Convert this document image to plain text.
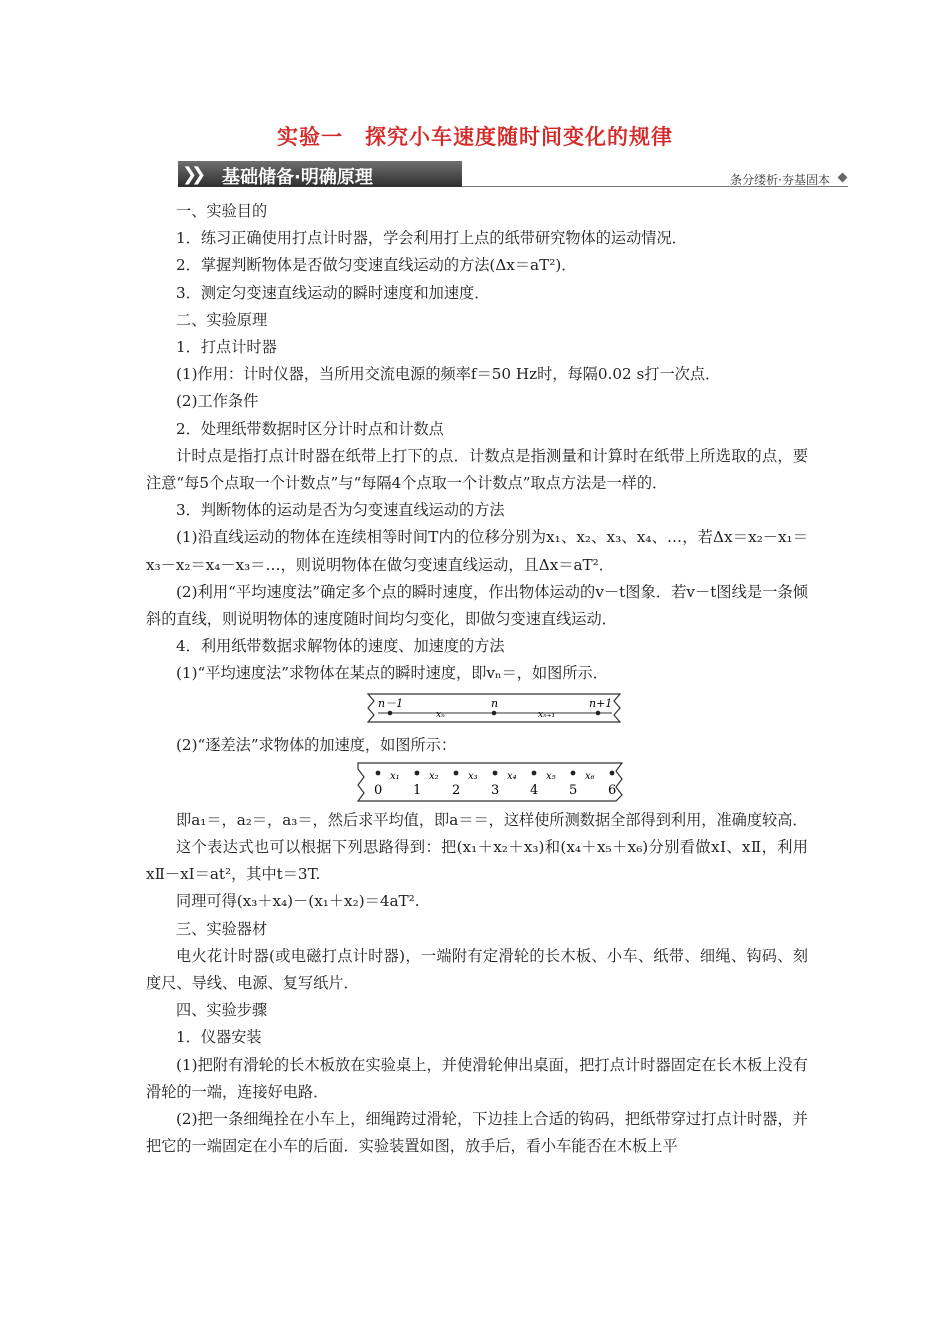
实验一　探究小车速度随时间变化的规律
❯❯ 基础储备·明确原理	条分缕析·夯基固本

一、实验目的

1．练习正确使用打点计时器，学会利用打上点的纸带研究物体的运动情况．

2．掌握判断物体是否做匀变速直线运动的方法(Δx＝aT²)．

3．测定匀变速直线运动的瞬时速度和加速度．

二、实验原理

1．打点计时器

(1)作用：计时仪器，当所用交流电源的频率f＝50 Hz时，每隔0.02 s打一次点．

(2)工作条件

2．处理纸带数据时区分计时点和计数点

计时点是指打点计时器在纸带上打下的点．计数点是指测量和计算时在纸带上所选取的点，要注意“每5个点取一个计数点”与“每隔4个点取一个计数点”取点方法是一样的．

3．判断物体的运动是否为匀变速直线运动的方法

(1)沿直线运动的物体在连续相等时间T内的位移分别为x₁、x₂、x₃、x₄、…，若Δx＝x₂－x₁＝x₃－x₂＝x₄－x₃＝…，则说明物体在做匀变速直线运动，且Δx＝aT²．

(2)利用“平均速度法”确定多个点的瞬时速度，作出物体运动的v－t图象．若v－t图线是一条倾斜的直线，则说明物体的速度随时间均匀变化，即做匀变速直线运动．

4．利用纸带数据求解物体的速度、加速度的方法

(1)“平均速度法”求物体在某点的瞬时速度，即vₙ＝，如图所示．

n－1
xₙ
n
xₙ₊₁
n+1

(2)“逐差法”求物体的加速度，如图所示：

0 1 2 3 4 5 6
x₁	x₂	x₃	x₄	x₅	x₆

即a₁＝，a₂＝，a₃＝，然后求平均值，即a＝＝，这样使所测数据全部得到利用，准确度较高．

这个表达式也可以根据下列思路得到：把(x₁＋x₂＋x₃)和(x₄＋x₅＋x₆)分别看做xⅠ、xⅡ，利用xⅡ－xⅠ＝at²，其中t＝3T.

同理可得(x₃＋x₄)－(x₁＋x₂)＝4aT².

三、实验器材

电火花计时器(或电磁打点计时器)，一端附有定滑轮的长木板、小车、纸带、细绳、钩码、刻度尺、导线、电源、复写纸片．

四、实验步骤

1．仪器安装

(1)把附有滑轮的长木板放在实验桌上，并使滑轮伸出桌面，把打点计时器固定在长木板上没有滑轮的一端，连接好电路．

(2)把一条细绳拴在小车上，细绳跨过滑轮，下边挂上合适的钩码，把纸带穿过打点计时器，并把它的一端固定在小车的后面．实验装置如图，放手后，看小车能否在木板上平
